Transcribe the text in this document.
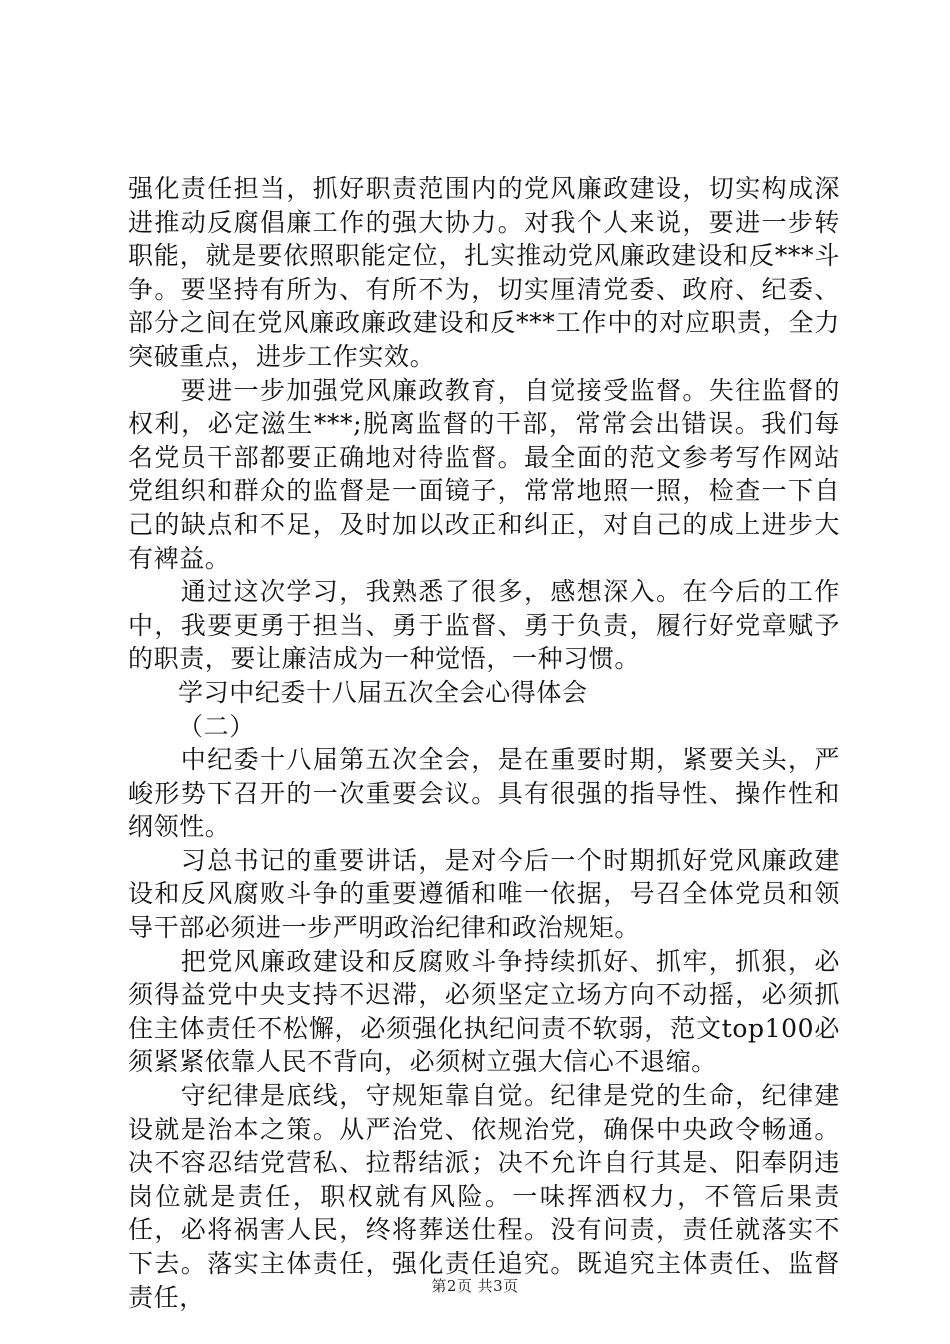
强化责任担当，抓好职责范围内的党风廉政建设，切实构成深进推动反腐倡廉工作的强大协力。对我个人来说，要进一步转职能，就是要依照职能定位，扎实推动党风廉政建设和反***斗争。要坚持有所为、有所不为，切实厘清党委、政府、纪委、部分之间在党风廉政廉政建设和反***工作中的对应职责，全力突破重点，进步工作实效。

　　要进一步加强党风廉政教育，自觉接受监督。失往监督的权利，必定滋生***;脱离监督的干部，常常会出错误。我们每名党员干部都要正确地对待监督。最全面的范文参考写作网站党组织和群众的监督是一面镜子，常常地照一照，检查一下自己的缺点和不足，及时加以改正和纠正，对自己的成上进步大有裨益。

　　通过这次学习，我熟悉了很多，感想深入。在今后的工作中，我要更勇于担当、勇于监督、勇于负责，履行好党章赋予的职责，要让廉洁成为一种觉悟，一种习惯。

学习中纪委十八届五次全会心得体会

（二）

　　中纪委十八届第五次全会，是在重要时期，紧要关头，严峻形势下召开的一次重要会议。具有很强的指导性、操作性和纲领性。

　　习总书记的重要讲话，是对今后一个时期抓好党风廉政建设和反风腐败斗争的重要遵循和唯一依据，号召全体党员和领导干部必须进一步严明政治纪律和政治规矩。

　　把党风廉政建设和反腐败斗争持续抓好、抓牢，抓狠，必须得益党中央支持不迟滞，必须坚定立场方向不动摇，必须抓住主体责任不松懈，必须强化执纪问责不软弱，范文top100必须紧紧依靠人民不背向，必须树立强大信心不退缩。

　　守纪律是底线，守规矩靠自觉。纪律是党的生命，纪律建设就是治本之策。从严治党、依规治党，确保中央政令畅通。决不容忍结党营私、拉帮结派；决不允许自行其是、阳奉阴违岗位就是责任，职权就有风险。一味挥洒权力，不管后果责任，必将祸害人民，终将葬送仕程。没有问责，责任就落实不下去。落实主体责任，强化责任追究。既追究主体责任、监督责任，	第2页 共3页
